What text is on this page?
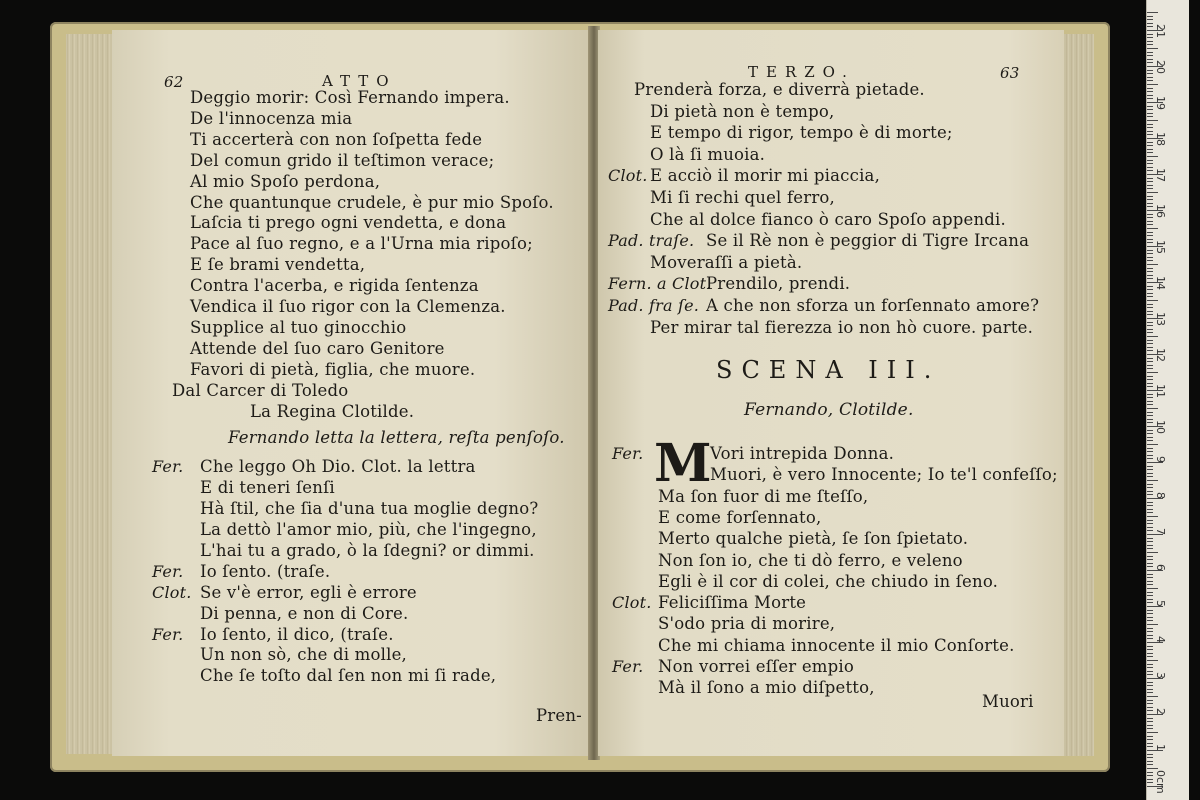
62	ATTO
Deggio morir: Così Fernando impera.
De l'innocenza mia
Ti accerterà con non ſoſpetta fede
Del comun grido il teſtimon verace;
Al mio Spoſo perdona,
Che quantunque crudele, è pur mio Spoſo.
Laſcia ti prego ogni vendetta, e dona
Pace al ſuo regno, e a l'Urna mia ripoſo;
E ſe brami vendetta,
Contra l'acerba, e rigida ſentenza
Vendica il ſuo rigor con la Clemenza.
Supplice al tuo ginocchio
Attende del ſuo caro Genitore
Favori di pietà, figlia, che muore.
Dal Carcer di Toledo
La Regina Clotilde.
Fernando letta la lettera, reſta penſoſo.
Fer. Che leggo Oh Dio. Clot. la lettra
E di teneri ſenſi
Hà ſtil, che ſia d'una tua moglie degno?
La dettò l'amor mio, più, che l'ingegno,
L'hai tu a grado, ò la ſdegni? or dimmi.
Fer. Io ſento. (traſe.
Clot. Se v'è error, egli è errore
Di penna, e non di Core.
Fer. Io ſento, il dico, (traſe.
Un non sò, che di molle,
Che ſe toſto dal ſen non mi ſi rade,
Pren-
TERZO.	63
Prenderà forza, e diverrà pietade.
Di pietà non è tempo,
E tempo di rigor, tempo è di morte;
O là ſi muoia.
Clot. E acciò il morir mi piaccia,
Mi ſi rechi quel ferro,
Che al dolce fianco ò caro Spoſo appendi.
Pad. traſe. Se il Rè non è peggior di Tigre Ircana
Moveraſſi a pietà.
Fern. a Clot.
Prendilo, prendi.
Pad. fra ſe. A che non sforza un forſennato amore?
Per mirar tal fierezza io non hò cuore. parte.
SCENA III.
Fernando, Clotilde.
M
Fer.	Vori intrepida Donna.
Muori, è vero Innocente; Io te'l confeſſo;
Ma ſon fuor di me ſteſſo,
E come forſennato,
Merto qualche pietà, ſe ſon ſpietato.
Non ſon io, che ti dò ferro, e veleno
Egli è il cor di colei, che chiudo in ſeno.
Clot. Feliciſſima Morte
S'odo pria di morire,
Che mi chiama innocente il mio Conſorte.
Fer. Non vorrei eſſer empio
Mà il ſono a mio diſpetto,
Muori
0cm
1
2
3
4
5
6
7
8
9
10
11
12
13
14
15
16
17
18
19
20
21
